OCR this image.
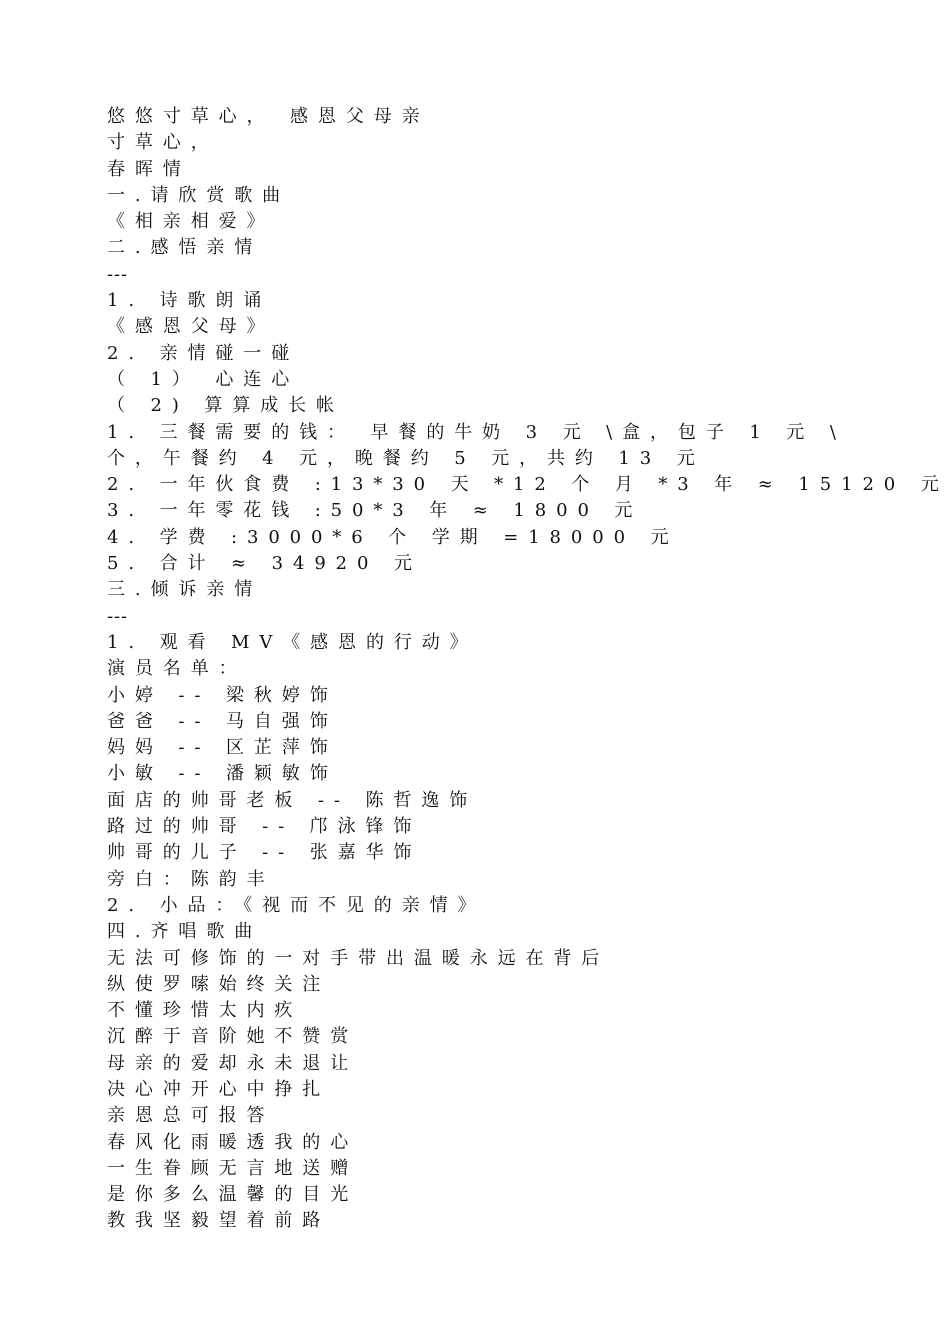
悠悠寸草心， 感恩父母亲
寸草心，
春晖情
一.请欣赏歌曲
《相亲相爱》
二.感悟亲情
---
1. 诗歌朗诵
《感恩父母》
2. 亲情碰一碰
（ 1） 心连心
（ 2) 算算成长帐
1. 三餐需要的钱： 早餐的牛奶 3 元 \盒，包子 1 元 \ 个，午餐约 4 元，晚餐约 5 元，共约 13 元
2. 一年伙食费 :13*30 天 *12 个 月 *3 年 ≈ 15120 元
3. 一年零花钱 :50*3 年 ≈ 1800 元
4. 学费 :3000*6 个 学期 =18000 元
5. 合计 ≈ 34920 元
三.倾诉亲情
---
1. 观看 MV《感恩的行动》
演员名单：
小婷 -- 梁秋婷饰
爸爸 -- 马自强饰
妈妈 -- 区芷萍饰
小敏 -- 潘颖敏饰
面店的帅哥老板 -- 陈哲逸饰
路过的帅哥 -- 邝泳锋饰
帅哥的儿子 -- 张嘉华饰
旁白：陈韵丰
2. 小品：《视而不见的亲情》
四.齐唱歌曲
无法可修饰的一对手带出温暖永远在背后
纵使罗嗦始终关注
不懂珍惜太内疚
沉醉于音阶她不赞赏
母亲的爱却永未退让
决心冲开心中挣扎
亲恩总可报答
春风化雨暖透我的心
一生眷顾无言地送赠
是你多么温馨的目光
教我坚毅望着前路
